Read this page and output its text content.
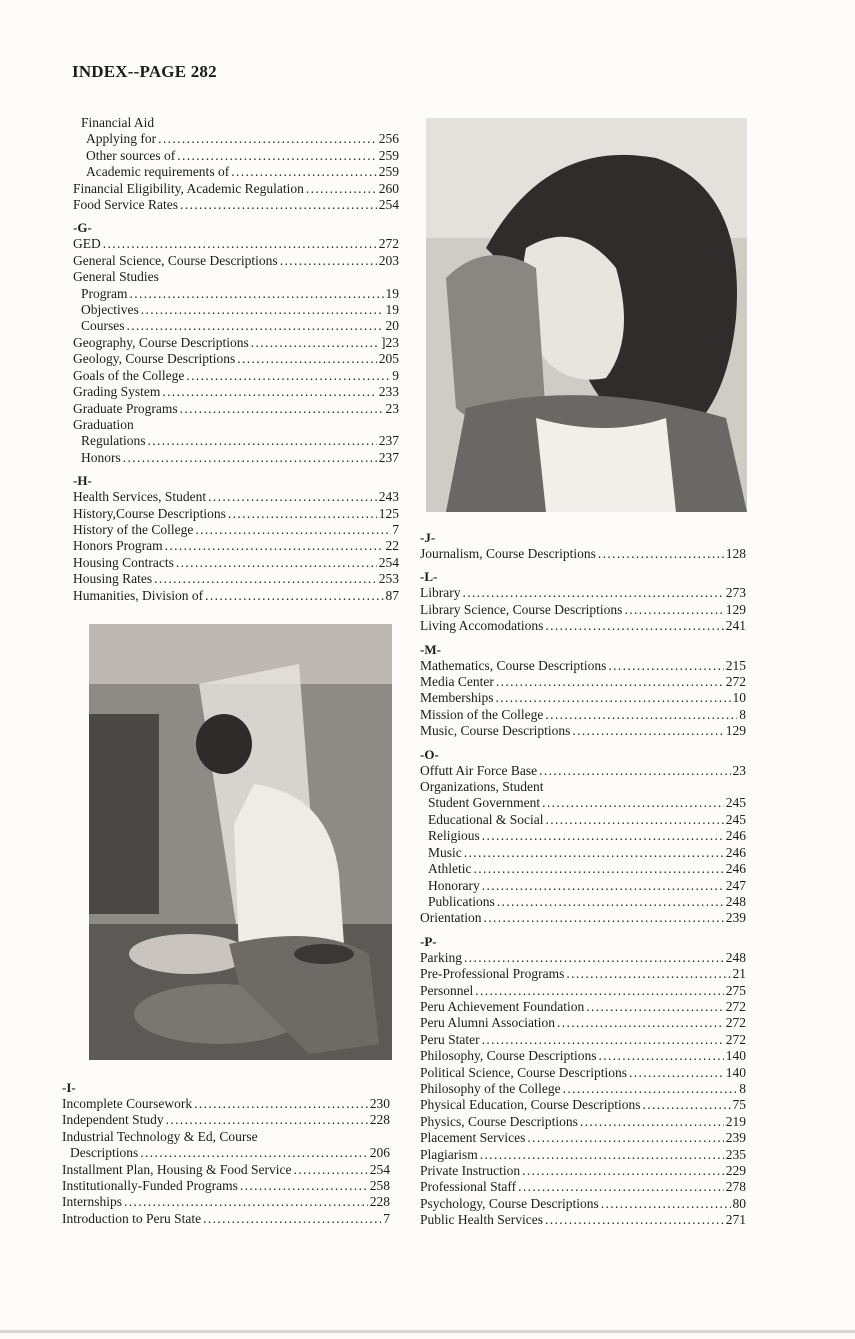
INDEX--PAGE 282
Financial Aid
Applying for . . .	256
Other sources of . . .	259
Academic requirements of . . .	259
Financial Eligibility, Academic Regulation . . .	260
Food Service Rates . . .	254
-G-
GED . . .	272
General Science, Course Descriptions . . .	203
General Studies
Program . . .	19
Objectives . . .	19
Courses . . .	20
Geography, Course Descriptions . . .	]23
Geology, Course Descriptions . . .	205
Goals of the College . . .	9
Grading System . . .	233
Graduate Programs . . .	23
Graduation
Regulations . . .	237
Honors . . .	237
-H-
Health Services, Student . . .	243
History,Course Descriptions . . .	125
History of the College . . .	7
Honors Program . . .	22
Housing Contracts . . .	254
Housing Rates . . .	253
Humanities, Division of . . .	87
-I-
Incomplete Coursework . . .	230
Independent Study . . .	228
Industrial Technology & Ed, Course
Descriptions . . .	206
Installment Plan, Housing & Food Service . . .	254
Institutionally-Funded Programs . . .	258
Internships . . .	228
Introduction to Peru State . . .	7
-J-
Journalism, Course Descriptions . . .	128
-L-
Library . . .	273
Library Science, Course Descriptions . . .	129
Living Accomodations . . .	241
-M-
Mathematics, Course Descriptions . . .	215
Media Center . . .	272
Memberships . . .	10
Mission of the College . . .	8
Music, Course Descriptions . . .	129
-O-
Offutt Air Force Base . . .	23
Organizations, Student
Student Government . . .	245
Educational & Social . . .	245
Religious . . .	246
Music . . .	246
Athletic . . .	246
Honorary . . .	247
Publications . . .	248
Orientation . . .	239
-P-
Parking . . .	248
Pre-Professional Programs . . .	21
Personnel . . .	275
Peru Achievement Foundation . . .	272
Peru Alumni Association . . .	272
Peru Stater . . .	272
Philosophy, Course Descriptions . . .	140
Political Science, Course Descriptions . . .	140
Philosophy of the College . . .	8
Physical Education, Course Descriptions . . .	75
Physics, Course Descriptions . . .	219
Placement Services . . .	239
Plagiarism . . .	235
Private Instruction . . .	229
Professional Staff . . .	278
Psychology, Course Descriptions . . .	80
Public Health Services . . .	271
